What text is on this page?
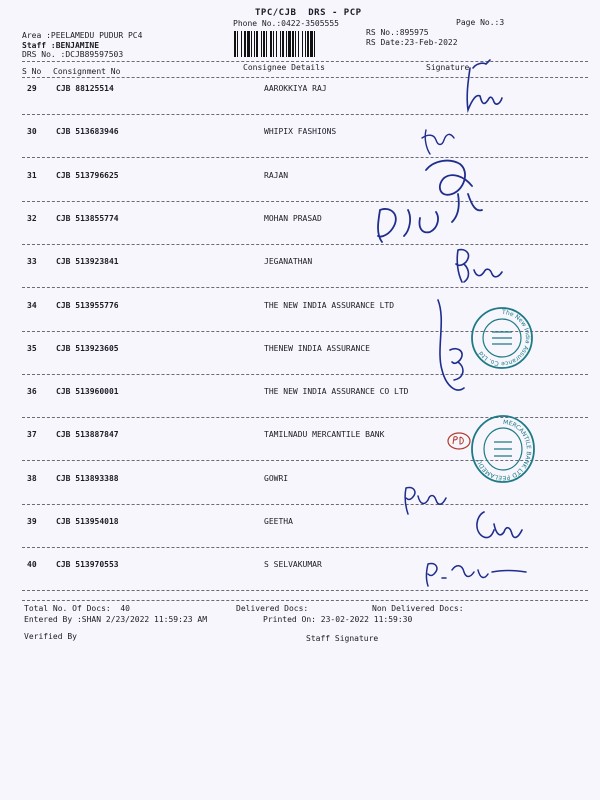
TPC/CJB  DRS - PCP
Phone No.:0422-3505555	Page No.:3
Area :PEELAMEDU PUDUR PC4
Staff :BENJAMINE
DRS No. :DCJB89597503
RS No.:895975
RS Date:23-Feb-2022
S No Consignment No	Consignee Details	Signature
29 CJB 88125514	AAROKKIYA RAJ
30 CJB 513683946	WHIPIX FASHIONS
31 CJB 513796625	RAJAN
32 CJB 513855774	MOHAN PRASAD
33 CJB 513923841	JEGANATHAN
34 CJB 513955776	THE NEW INDIA ASSURANCE LTD
35 CJB 513923605	THENEW INDIA ASSURANCE
36 CJB 513960001	THE NEW INDIA ASSURANCE CO LTD
37 CJB 513887847	TAMILNADU MERCANTILE BANK
38 CJB 513893388	GOWRI
39 CJB 513954018	GEETHA
40 CJB 513970553	S SELVAKUMAR
The New India Assurance Co. Ltd
MERCANTILE BANK LTD PEELAMEDU
Total No. Of Docs:  40	Delivered Docs:	Non Delivered Docs:
Entered By :SHAN 2/23/2022 11:59:23 AM	Printed On: 23-02-2022 11:59:30
Verified By	Staff Signature
